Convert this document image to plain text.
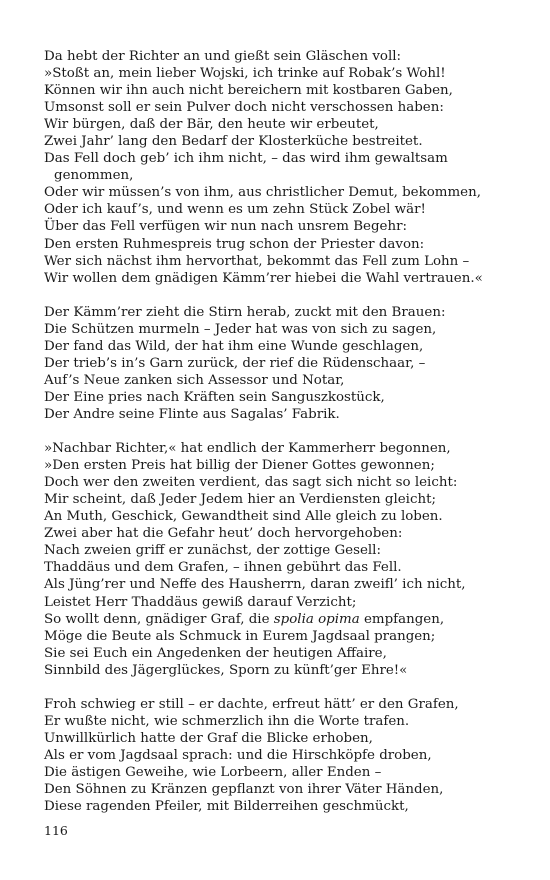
Da hebt der Richter an und gießt sein Gläschen voll:
»Stoßt an, mein lieber Wojski, ich trinke auf Robak’s Wohl!
Können wir ihn auch nicht bereichern mit kostbaren Gaben,
Umsonst soll er sein Pulver doch nicht verschossen haben:
Wir bürgen, daß der Bär, den heute wir erbeutet,
Zwei Jahr’ lang den Bedarf der Klosterküche bestreitet.
Das Fell doch geb’ ich ihm nicht, – das wird ihm gewaltsam
genommen,
Oder wir müssen’s von ihm, aus christlicher Demut, bekommen,
Oder ich kauf’s, und wenn es um zehn Stück Zobel wär!
Über das Fell verfügen wir nun nach unsrem Begehr:
Den ersten Ruhmespreis trug schon der Priester davon:
Wer sich nächst ihm hervorthat, bekommt das Fell zum Lohn –
Wir wollen dem gnädigen Kämm’rer hiebei die Wahl vertrauen.«
Der Kämm’rer zieht die Stirn herab, zuckt mit den Brauen:
Die Schützen murmeln – Jeder hat was von sich zu sagen,
Der fand das Wild, der hat ihm eine Wunde geschlagen,
Der trieb’s in’s Garn zurück, der rief die Rüdenschaar, –
Auf’s Neue zanken sich Assessor und Notar,
Der Eine pries nach Kräften sein Sanguszkostück,
Der Andre seine Flinte aus Sagalas’ Fabrik.
»Nachbar Richter,« hat endlich der Kammerherr begonnen,
»Den ersten Preis hat billig der Diener Gottes gewonnen;
Doch wer den zweiten verdient, das sagt sich nicht so leicht:
Mir scheint, daß Jeder Jedem hier an Verdiensten gleicht;
An Muth, Geschick, Gewandtheit sind Alle gleich zu loben.
Zwei aber hat die Gefahr heut’ doch hervorgehoben:
Nach zweien griff er zunächst, der zottige Gesell:
Thaddäus und dem Grafen, – ihnen gebührt das Fell.
Als Jüng’rer und Neffe des Hausherrn, daran zweifl’ ich nicht,
Leistet Herr Thaddäus gewiß darauf Verzicht;
So wollt denn, gnädiger Graf, die spolia opima empfangen,
Möge die Beute als Schmuck in Eurem Jagdsaal prangen;
Sie sei Euch ein Angedenken der heutigen Affaire,
Sinnbild des Jägerglückes, Sporn zu künft’ger Ehre!«
Froh schwieg er still – er dachte, erfreut hätt’ er den Grafen,
Er wußte nicht, wie schmerzlich ihn die Worte trafen.
Unwillkürlich hatte der Graf die Blicke erhoben,
Als er vom Jagdsaal sprach: und die Hirschköpfe droben,
Die ästigen Geweihe, wie Lorbeern, aller Enden –
Den Söhnen zu Kränzen gepflanzt von ihrer Väter Händen,
Diese ragenden Pfeiler, mit Bilderreihen geschmückt,
116
